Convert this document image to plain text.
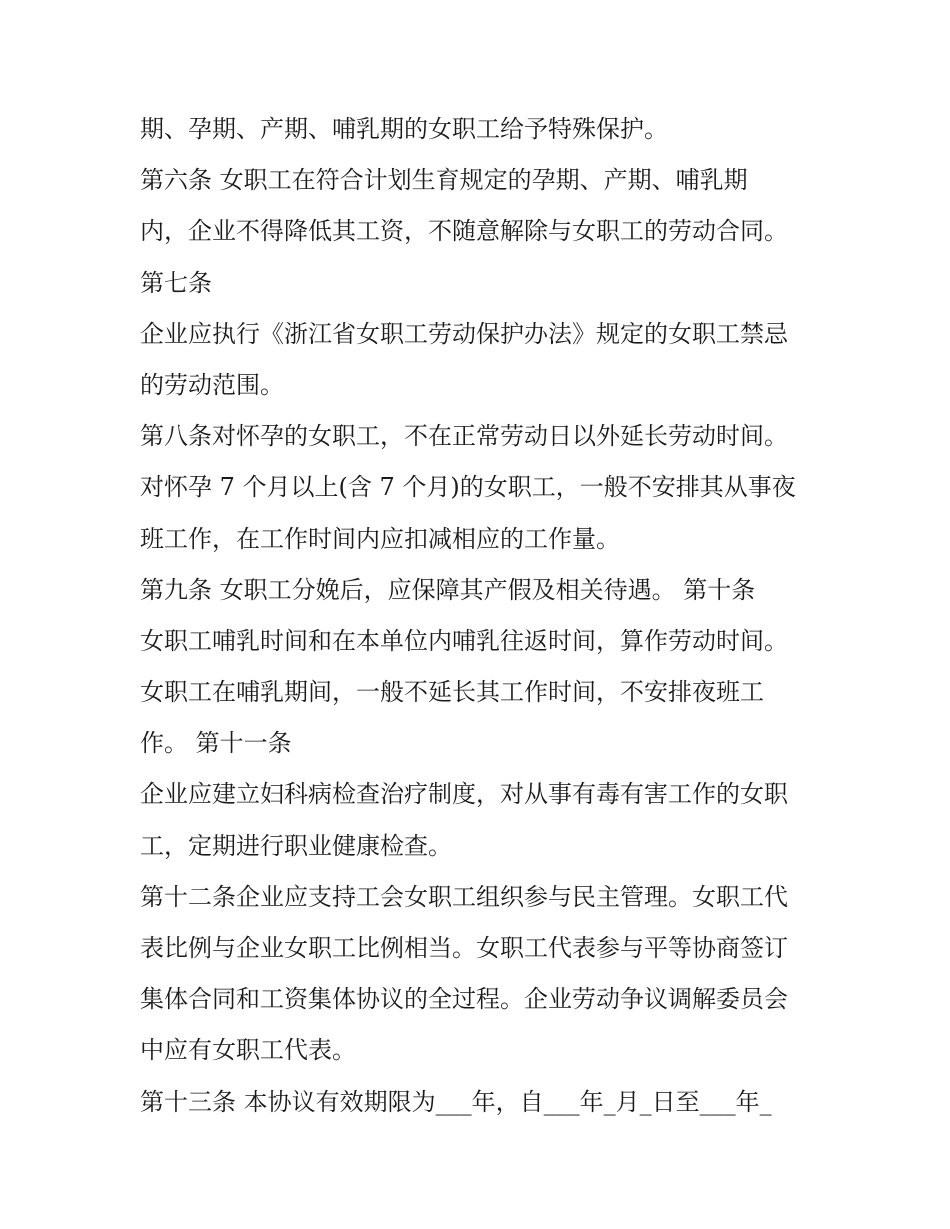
期、孕期、产期、哺乳期的女职工给予特殊保护。
第六条 女职工在符合计划生育规定的孕期、产期、哺乳期
内，企业不得降低其工资，不随意解除与女职工的劳动合同。
第七条
企业应执行《浙江省女职工劳动保护办法》规定的女职工禁忌
的劳动范围。
第八条对怀孕的女职工，不在正常劳动日以外延长劳动时间。
对怀孕 7 个月以上(含 7 个月)的女职工，一般不安排其从事夜
班工作，在工作时间内应扣减相应的工作量。
第九条 女职工分娩后，应保障其产假及相关待遇。 第十条
女职工哺乳时间和在本单位内哺乳往返时间，算作劳动时间。
女职工在哺乳期间，一般不延长其工作时间，不安排夜班工
作。 第十一条
企业应建立妇科病检查治疗制度，对从事有毒有害工作的女职
工，定期进行职业健康检查。
第十二条企业应支持工会女职工组织参与民主管理。女职工代
表比例与企业女职工比例相当。女职工代表参与平等协商签订
集体合同和工资集体协议的全过程。企业劳动争议调解委员会
中应有女职工代表。
第十三条 本协议有效期限为___年，自___年_月_日至___年_
